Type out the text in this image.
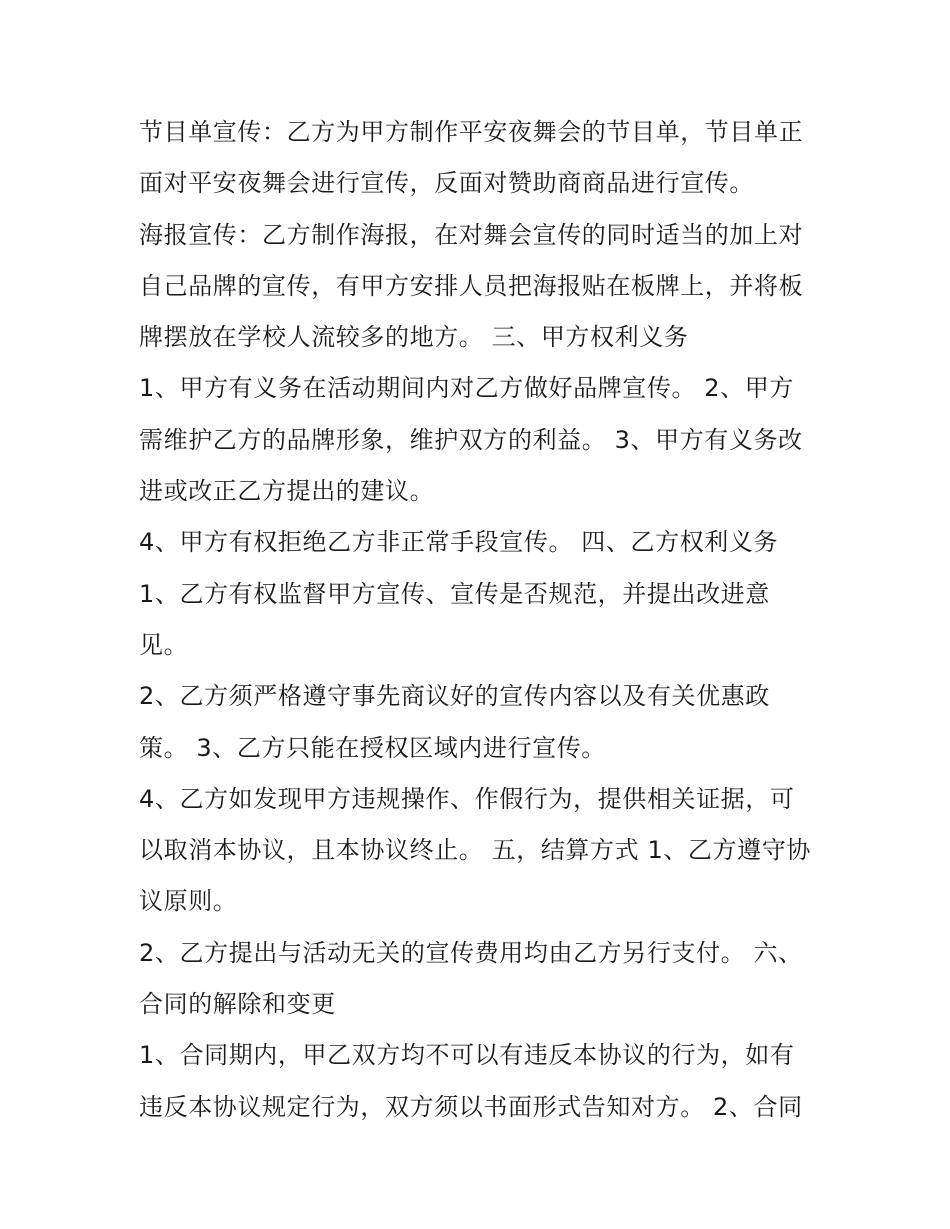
节目单宣传：乙方为甲方制作平安夜舞会的节目单，节目单正
面对平安夜舞会进行宣传，反面对赞助商商品进行宣传。
海报宣传：乙方制作海报，在对舞会宣传的同时适当的加上对
自己品牌的宣传，有甲方安排人员把海报贴在板牌上，并将板
牌摆放在学校人流较多的地方。 三、甲方权利义务
1、甲方有义务在活动期间内对乙方做好品牌宣传。 2、甲方
需维护乙方的品牌形象，维护双方的利益。 3、甲方有义务改
进或改正乙方提出的建议。
4、甲方有权拒绝乙方非正常手段宣传。 四、乙方权利义务
1、乙方有权监督甲方宣传、宣传是否规范，并提出改进意
见。
2、乙方须严格遵守事先商议好的宣传内容以及有关优惠政
策。 3、乙方只能在授权区域内进行宣传。
4、乙方如发现甲方违规操作、作假行为，提供相关证据，可
以取消本协议，且本协议终止。 五，结算方式 1、乙方遵守协
议原则。
2、乙方提出与活动无关的宣传费用均由乙方另行支付。 六、
合同的解除和变更
1、合同期内，甲乙双方均不可以有违反本协议的行为，如有
违反本协议规定行为，双方须以书面形式告知对方。 2、合同
